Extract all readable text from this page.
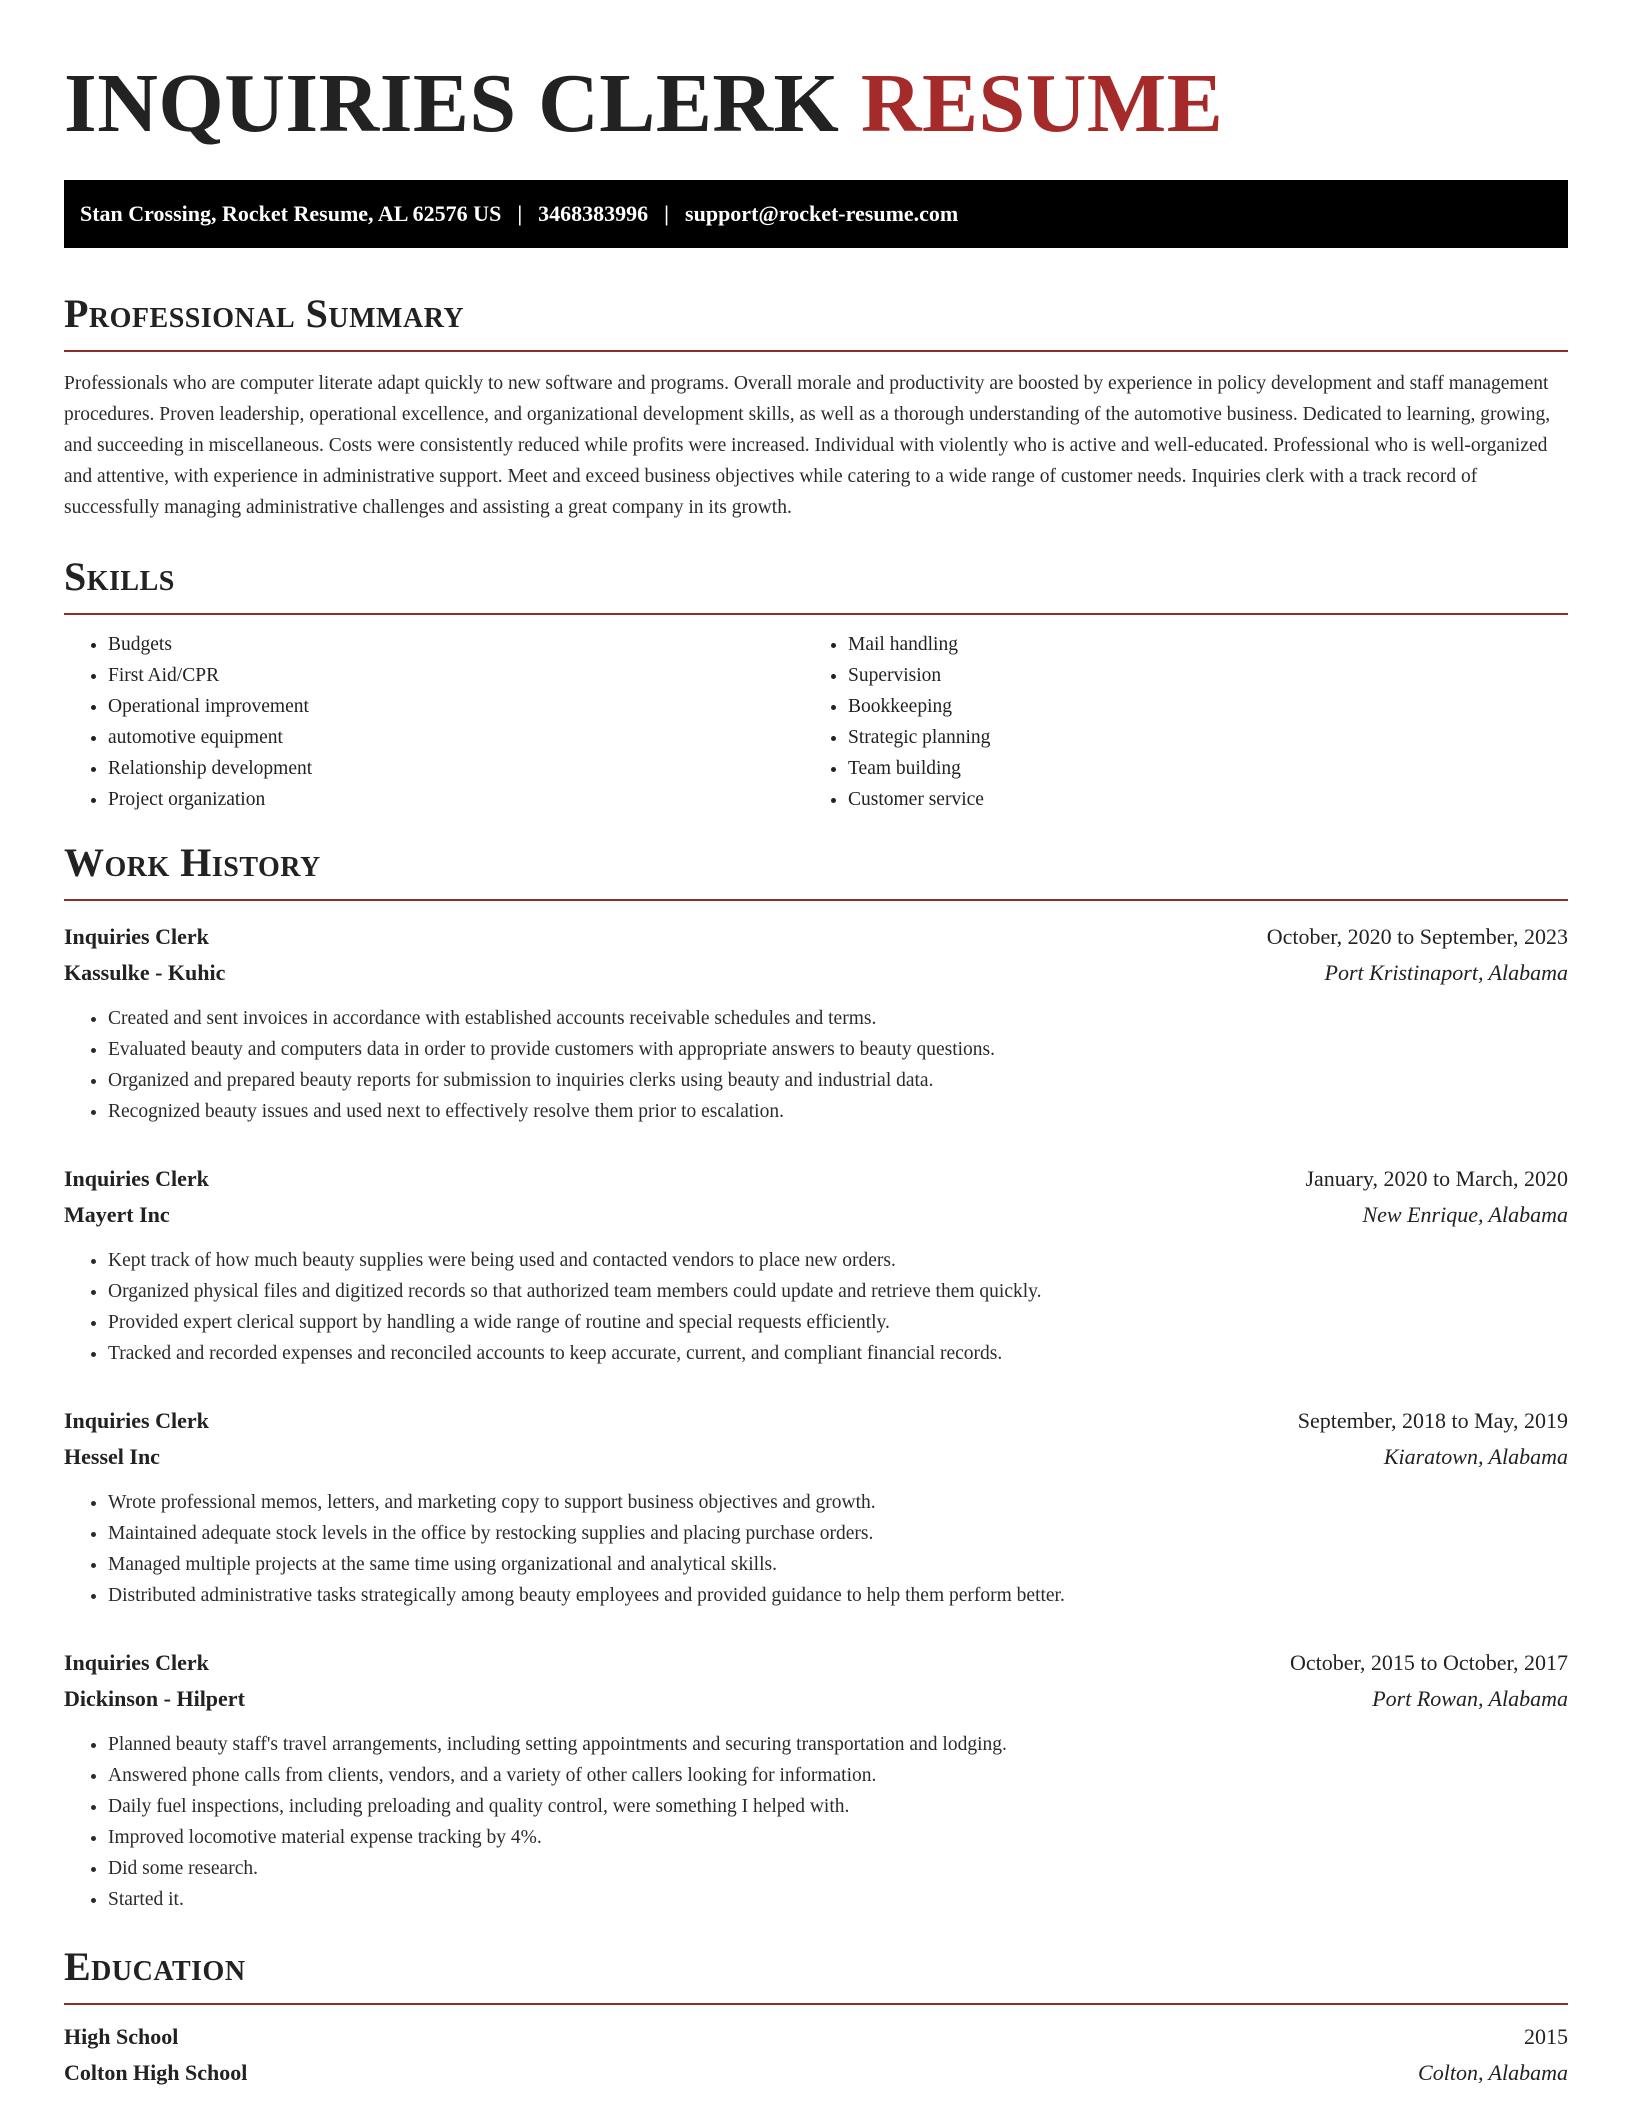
INQUIRIES CLERK RESUME
Stan Crossing, Rocket Resume, AL 62576 US | 3468383996 | support@rocket-resume.com
Professional Summary

Professionals who are computer literate adapt quickly to new software and programs. Overall morale and productivity are boosted by experience in policy development and staff management procedures. Proven leadership, operational excellence, and organizational development skills, as well as a thorough understanding of the automotive business. Dedicated to learning, growing, and succeeding in miscellaneous. Costs were consistently reduced while profits were increased. Individual with violently who is active and well-educated. Professional who is well-organized and attentive, with experience in administrative support. Meet and exceed business objectives while catering to a wide range of customer needs. Inquiries clerk with a track record of successfully managing administrative challenges and assisting a great company in its growth.

Skills
• Budgets
• First Aid/CPR
• Operational improvement
• automotive equipment
• Relationship development
• Project organization
• Mail handling
• Supervision
• Bookkeeping
• Strategic planning
• Team building
• Customer service
Work History
Inquiries Clerk	October, 2020 to September, 2023
Kassulke - Kuhic	Port Kristinaport, Alabama
• Created and sent invoices in accordance with established accounts receivable schedules and terms.
• Evaluated beauty and computers data in order to provide customers with appropriate answers to beauty questions.
• Organized and prepared beauty reports for submission to inquiries clerks using beauty and industrial data.
• Recognized beauty issues and used next to effectively resolve them prior to escalation.
Inquiries Clerk	January, 2020 to March, 2020
Mayert Inc	New Enrique, Alabama
• Kept track of how much beauty supplies were being used and contacted vendors to place new orders.
• Organized physical files and digitized records so that authorized team members could update and retrieve them quickly.
• Provided expert clerical support by handling a wide range of routine and special requests efficiently.
• Tracked and recorded expenses and reconciled accounts to keep accurate, current, and compliant financial records.
Inquiries Clerk	September, 2018 to May, 2019
Hessel Inc	Kiaratown, Alabama
• Wrote professional memos, letters, and marketing copy to support business objectives and growth.
• Maintained adequate stock levels in the office by restocking supplies and placing purchase orders.
• Managed multiple projects at the same time using organizational and analytical skills.
• Distributed administrative tasks strategically among beauty employees and provided guidance to help them perform better.
Inquiries Clerk	October, 2015 to October, 2017
Dickinson - Hilpert	Port Rowan, Alabama
• Planned beauty staff's travel arrangements, including setting appointments and securing transportation and lodging.
• Answered phone calls from clients, vendors, and a variety of other callers looking for information.
• Daily fuel inspections, including preloading and quality control, were something I helped with.
• Improved locomotive material expense tracking by 4%.
• Did some research.
• Started it.
Education
High School	2015
Colton High School	Colton, Alabama
